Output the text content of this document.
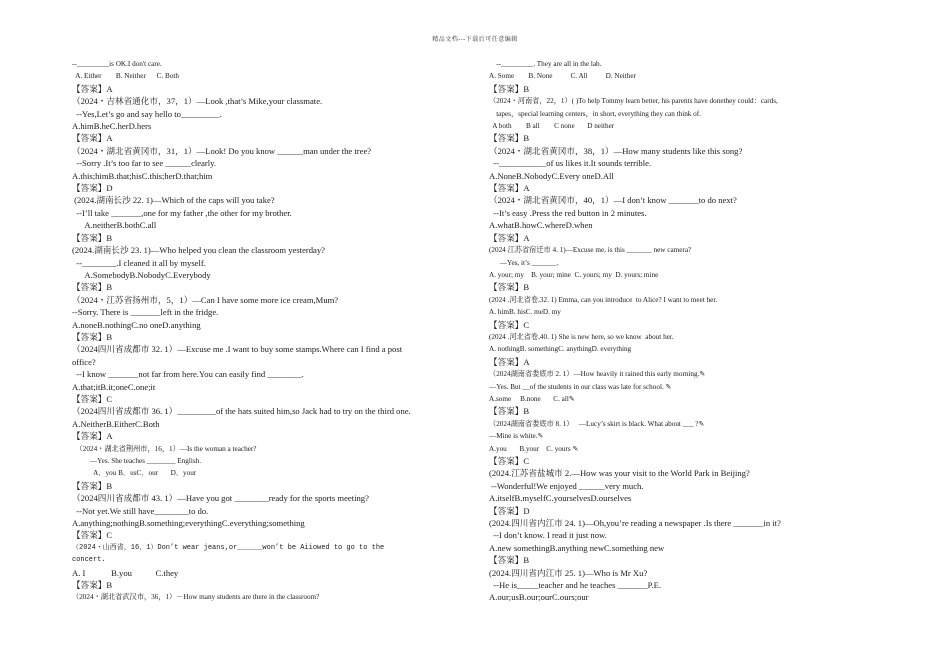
精品文档---下载后可任意编辑
--_________is OK.I don't care.
A. Either        B. Neither      C. Both
【答案】A
（2024・吉林省通化市，37，1）—Look ,that’s Mike,your classmate.
--Yes,Let’s go and say hello to_________.
A.himB.heC.herD.hers
【答案】A
（2024・湖北省黄冈市，31，1）—Look! Do you know ______man under the tree?
--Sorry .It’s too far to see ______clearly.
A.this;himB.that;hisC.this;herD.that;him
【答案】D
(2024.湖南长沙 22. 1)—Which of the caps will you take?
--I’ll take _______,one for my father ,the other for my brother.
A.neitherB.bothC.all
【答案】B
(2024.湖南长沙 23. 1)—Who helped you clean the classroom yesterday?
--________.I cleaned it all by myself.
A.SomebodyB.NobodyC.Everybody
【答案】B
（2024・江苏省扬州市，5，1）—Can I have some more ice cream,Mum?
--Sorry. There is _______left in the fridge.
A.noneB.nothingC.no oneD.anything
【答案】B
（2024四川省成都市 32. 1）—Excuse me .I want to buy some stamps.Where can I find a post
office?
--I know _______not far from here.You can easily find ________.
A.that;itB.it;oneC.one;it
【答案】C
（2024四川省成都市 36. 1）_________of the hats suited him,so Jack had to try on the third one.
A.NeitherB.EitherC.Both
【答案】A
（2024・湖北省荆州市，16，1）—Is the woman a teacher?
—Yes. She teaches ________ English.
A．you B．usC．our       D．your
【答案】B
（2024四川省成都市 43. 1）—Have you got ________ready for the sports meeting?
--Not yet.We still have________to do.
A.anything;nothingB.something;everythingC.everything;something
【答案】C
（2024・山西省，16，1）Don’t wear jeans,or______won’t be Aiiowed to go to the
concert.
A. I            B.you           C.they
【答案】B
（2024・湖北省武汉市，36，1）－How many students are there in the classroom?
--_________. They are all in the lab.
A. Some        B. None          C. All          D. Neither
【答案】B
（2024・河南省，22，1）( )To help Tommy learn better, his parents have donethey could：cards,
tapes，special learning centers，in short, everything they can think of.
A both        B all        C none       D neither
【答案】B
（2024・湖北省黄冈市，38，1）—How many students like this song?
--___________of us likes it.It sounds terrible.
A.NoneB.NobodyC.Every oneD.All
【答案】A
（2024・湖北省黄冈市，40，1）—I don’t know _______to do next?
--It’s easy .Press the red button in 2 minutes.
A.whatB.howC.whereD.when
【答案】A
(2024 江苏省宿迁市 4. 1)—Excuse me, is this _______ new camera?
—Yes, it’s _______.
A. your; my    B. your; mine  C. yours; my  D. yours; mine
【答案】B
(2024 .河北省卷,32. 1) Emma, can you introduce  to Alice? I want to meet her.
A. himB. hisC. meD. my
【答案】C
(2024 .河北省卷,40. 1) She is new here, so we know  about her.
A. nothingB. somethingC. anythingD. everything
【答案】A
（2024湖南省娄底市 2. 1）—How heavily it rained this early morning.✎
—Yes. But __of the students in our class was late for school. ✎
A.some     B.none       C. all✎
【答案】B
（2024湖南省娄底市 8. 1）   —Lucy’s skirt is black. What about ___ ?✎
—Mine is white.✎
A.you       B.your    C. yours ✎
【答案】C
(2024.江苏省盐城市 2.—How was your visit to the World Park in Beijing?
--Wonderful!We enjoyed ______very much.
A.itselfB.myselfC.yourselvesD.ourselves
【答案】D
(2024.四川省内江市 24. 1)—Oh,you’re reading a newspaper .Is there _______in it?
--I don’t know. I read it just now.
A.new somethingB.anything newC.something new
【答案】B
(2024.四川省内江市 25. 1)—Who is Mr Xu?
--He is_____teacher and he teaches _______P.E.
A.our;usB.our;ourC.ours;our
